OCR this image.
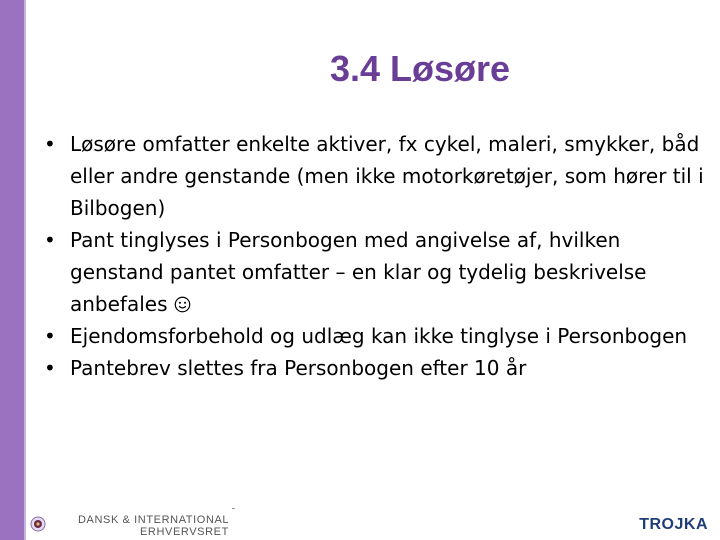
3.4 Løsøre
• Løsøre omfatter enkelte aktiver, fx cykel, maleri, smykker, båd eller andre genstande (men ikke motorkøretøjer, som hører til i Bilbogen)
• Pant tinglyses i Personbogen med angivelse af, hvilken genstand pantet omfatter – en klar og tydelig beskrivelse anbefales
• Ejendomsforbehold og udlæg kan ikke tinglyse i Personbogen
• Pantebrev slettes fra Personbogen efter 10 år
DANSK & INTERNATIONAL
ERHVERVSRET	TROJKA
